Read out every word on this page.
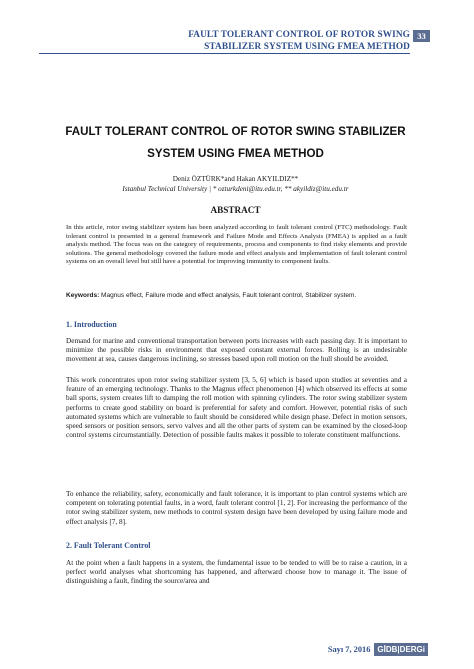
FAULT TOLERANT CONTROL OF ROTOR SWING
STABILIZER SYSTEM USING FMEA METHOD
33
FAULT TOLERANT CONTROL OF ROTOR SWING STABILIZER
SYSTEM USING FMEA METHOD
Deniz ÖZTÜRK*and Hakan AKYILDIZ**
Istanbul Technical University | * ozturkdeni@itu.edu.tr, ** akyildiz@itu.edu.tr
ABSTRACT
In this article, rotor swing stabilizer system has been analyzed according to fault tolerant control (FTC) methodology. Fault tolerant control is presented in a general framework and Failure Mode and Effects Analysis (FMEA) is applied as a fault analysis method. The focus was on the category of requirements, process and components to find risky elements and provide solutions. The general methodology covered the failure mode and effect analysis and implementation of fault tolerant control systems on an overall level but still have a potential for improving immunity to component faults.
Keywords: Magnus effect, Failure mode and effect analysis, Fault tolerant control, Stabilizer system.
1. Introduction
Demand for marine and conventional transportation between ports increases with each passing day. It is important to minimize the possible risks in environment that exposed constant external forces. Rolling is an undesirable movement at sea, causes dangerous inclining, so stresses based upon roll motion on the hull should be avoided.
This work concentrates upon rotor swing stabilizer system [3, 5, 6] which is based upon studies at seventies and a feature of an emerging technology. Thanks to the Magnus effect phenomenon [4] which observed its effects at some ball sports, system creates lift to damping the roll motion with spinning cylinders. The rotor swing stabilizer system performs to create good stability on board is preferential for safety and comfort. However, potential risks of such automated systems which are vulnerable to fault should be considered while design phase. Defect in motion sensors, speed sensors or position sensors, servo valves and all the other parts of system can be examined by the closed-loop control systems circumstantially. Detection of possible faults makes it possible to tolerate constituent malfunctions.
To enhance the reliability, safety, economically and fault tolerance, it is important to plan control systems which are competent on tolerating potential faults, in a word, fault tolerant control [1, 2]. For increasing the performance of the rotor swing stabilizer system, new methods to control system design have been developed by using failure mode and effect analysis [7, 8].
2. Fault Tolerant Control
At the point when a fault happens in a system, the fundamental issue to be tended to will be to raise a caution, in a perfect world analyses what shortcoming has happened, and afterward choose how to manage it. The issue of distinguishing a fault, finding the source/area and
Sayı 7, 2016 GİDB|DERGi
